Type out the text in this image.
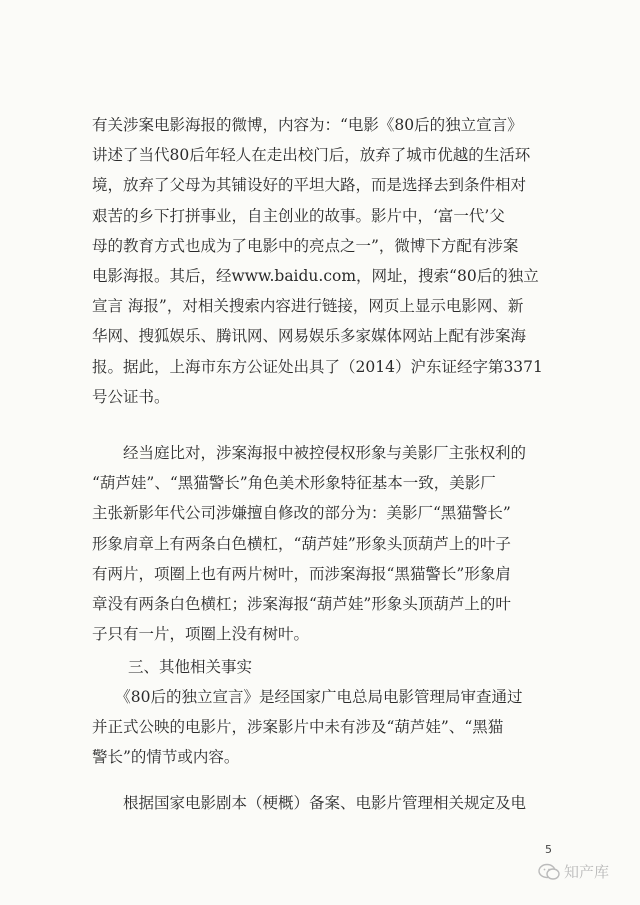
有关涉案电影海报的微博，内容为：“电影《80后的独立宣言》
讲述了当代80后年轻人在走出校门后，放弃了城市优越的生活环
境，放弃了父母为其铺设好的平坦大路，而是选择去到条件相对
艰苦的乡下打拼事业，自主创业的故事。影片中，‘富一代’父
母的教育方式也成为了电影中的亮点之一”，微博下方配有涉案
电影海报。其后，经www.baidu.com，网址，搜索“80后的独立
宣言 海报”，对相关搜索内容进行链接，网页上显示电影网、新
华网、搜狐娱乐、腾讯网、网易娱乐多家媒体网站上配有涉案海
报。据此，上海市东方公证处出具了（2014）沪东证经字第3371
号公证书。
　　经当庭比对，涉案海报中被控侵权形象与美影厂主张权利的
“葫芦娃”、“黑猫警长”角色美术形象特征基本一致，美影厂
主张新影年代公司涉嫌擅自修改的部分为：美影厂“黑猫警长”
形象肩章上有两条白色横杠，“葫芦娃”形象头顶葫芦上的叶子
有两片，项圈上也有两片树叶，而涉案海报“黑猫警长”形象肩
章没有两条白色横杠；涉案海报“葫芦娃”形象头顶葫芦上的叶
子只有一片，项圈上没有树叶。
三、其他相关事实
　　《80后的独立宣言》是经国家广电总局电影管理局审查通过
并正式公映的电影片，涉案影片中未有涉及“葫芦娃”、“黑猫
警长”的情节或内容。
　　根据国家电影剧本（梗概）备案、电影片管理相关规定及电
5
知产库
